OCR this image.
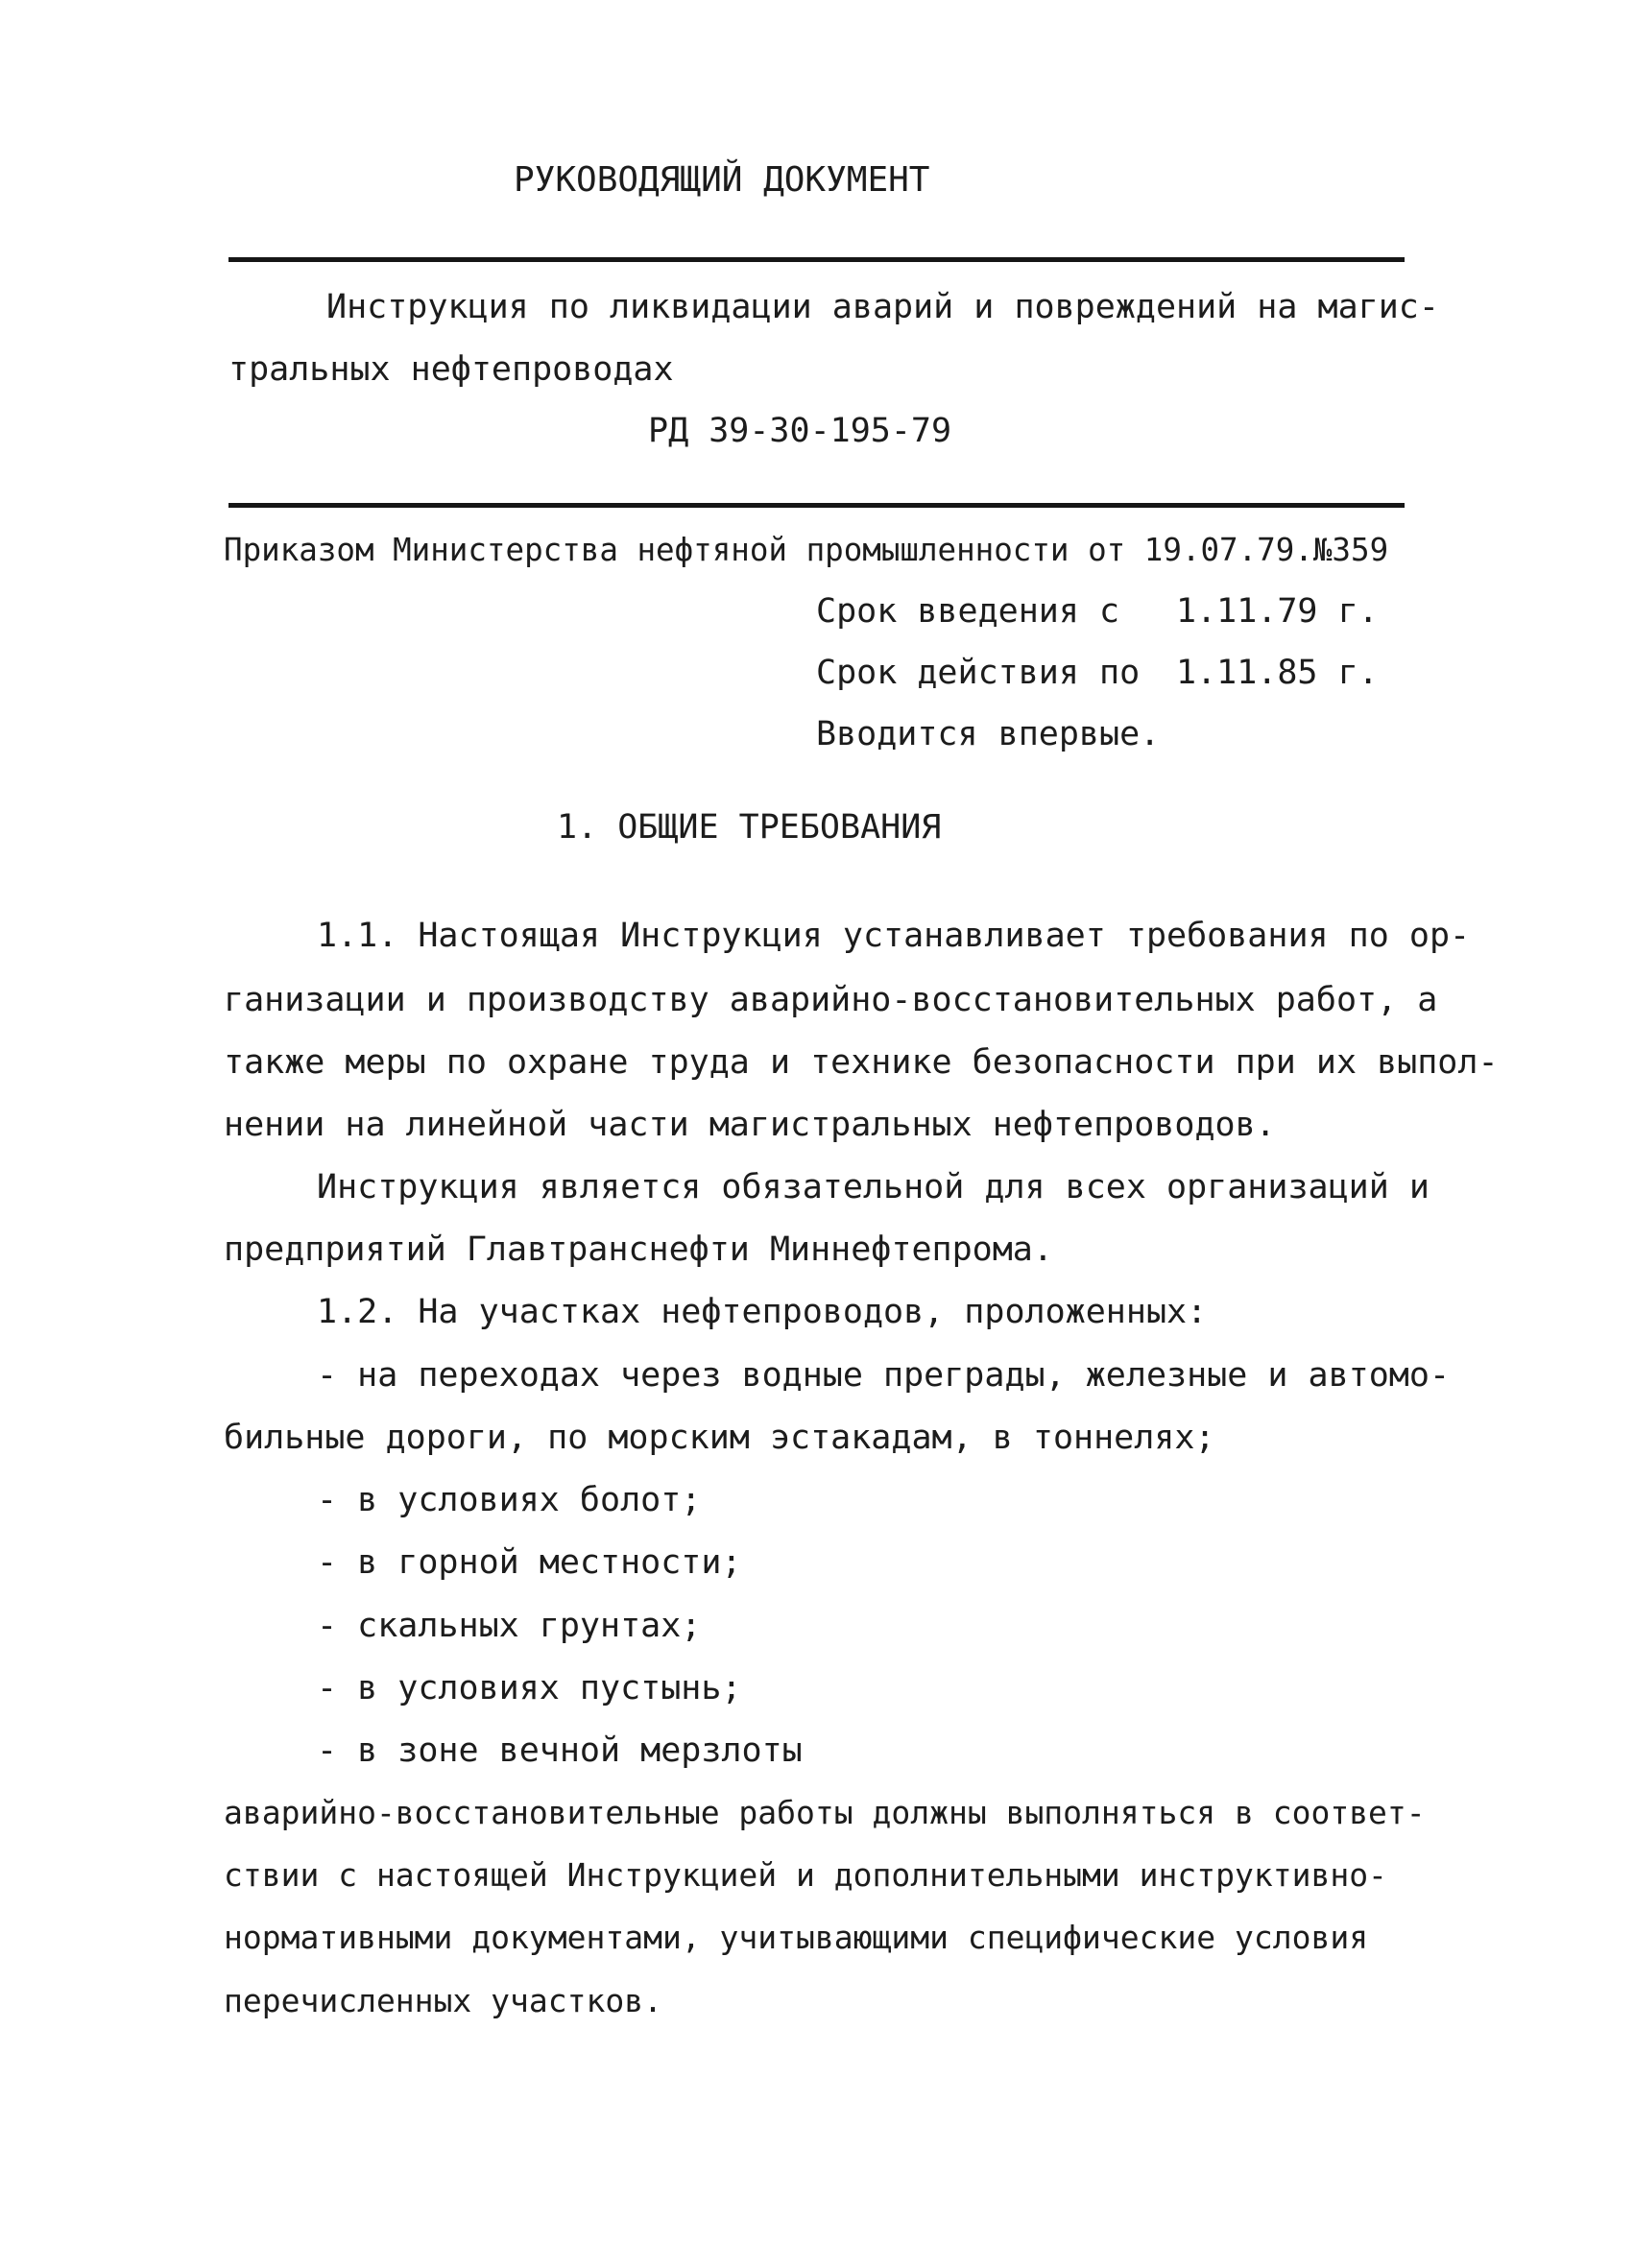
РУКОВОДЯЩИЙ ДОКУМЕНТ
Инструкция по ликвидации аварий и повреждений на магис-
тральных нефтепроводах
РД 39-30-195-79
Приказом Министерства нефтяной промышленности от 19.07.79.№359
Срок введения с 1.11.79 г.
Срок действия по 1.11.85 г.
Вводится впервые.
1. ОБЩИЕ ТРЕБОВАНИЯ
1.1. Настоящая Инструкция устанавливает требования по ор-
ганизации и производству аварийно-восстановительных работ, а
также меры по охране труда и технике безопасности при их выпол-
нении на линейной части магистральных нефтепроводов.
Инструкция является обязательной для всех организаций и
предприятий Главтранснефти Миннефтепрома.
1.2. На участках нефтепроводов, проложенных:
- на переходах через водные преграды, железные и автомо-
бильные дороги, по морским эстакадам, в тоннелях;
- в условиях болот;
- в горной местности;
- скальных грунтах;
- в условиях пустынь;
- в зоне вечной мерзлоты
аварийно-восстановительные работы должны выполняться в соответ-
ствии с настоящей Инструкцией и дополнительными инструктивно-
нормативными документами, учитывающими специфические условия
перечисленных участков.
